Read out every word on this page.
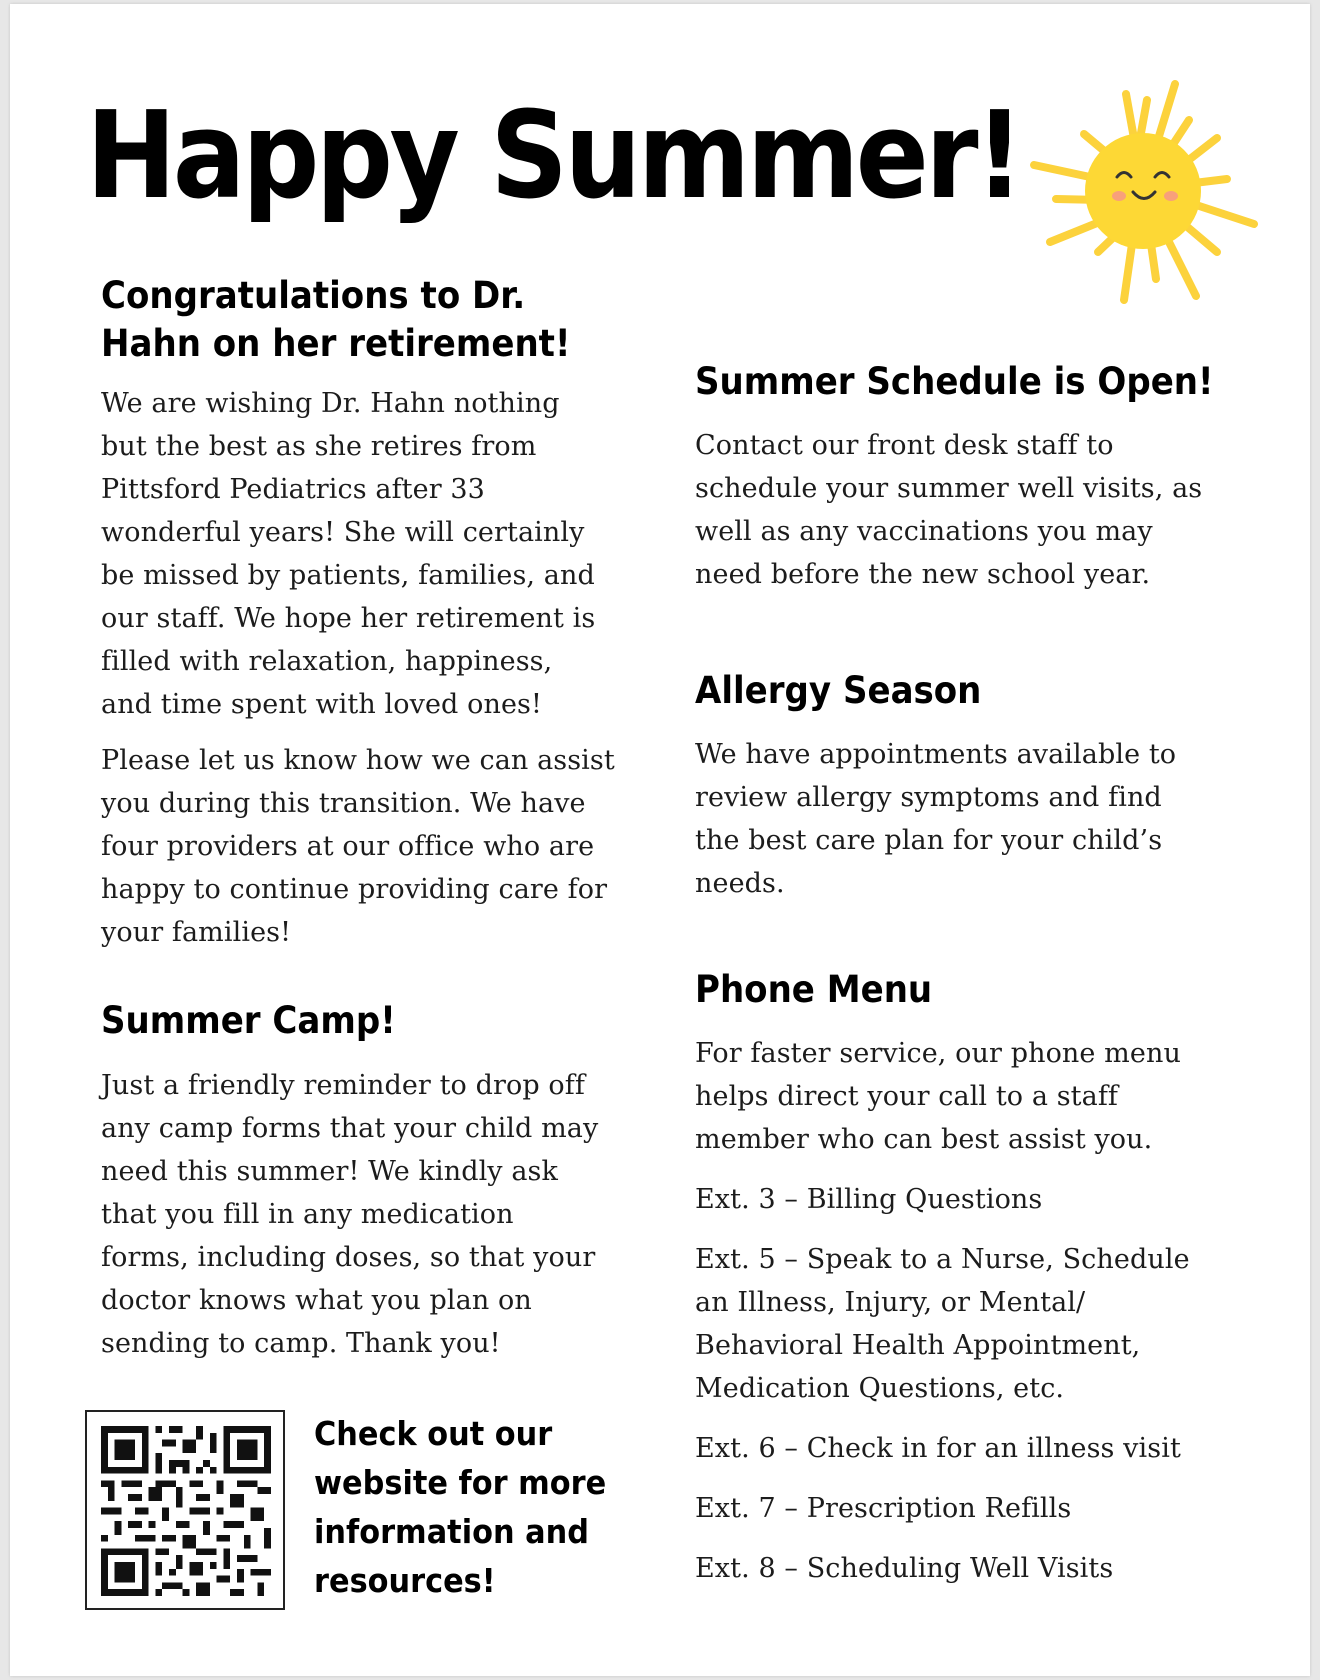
Happy Summer!
Congratulations to Dr.
Hahn on her retirement!

We are wishing Dr. Hahn nothing
but the best as she retires from
Pittsford Pediatrics after 33
wonderful years! She will certainly
be missed by patients, families, and
our staff. We hope her retirement is
filled with relaxation, happiness,
and time spent with loved ones!

Please let us know how we can assist
you during this transition. We have
four providers at our office who are
happy to continue providing care for
your families!

Summer Camp!

Just a friendly reminder to drop off
any camp forms that your child may
need this summer! We kindly ask
that you fill in any medication
forms, including doses, so that your
doctor knows what you plan on
sending to camp. Thank you!

Check out our
website for more
information and
resources!

Summer Schedule is Open!

Contact our front desk staff to
schedule your summer well visits, as
well as any vaccinations you may
need before the new school year.

Allergy Season

We have appointments available to
review allergy symptoms and find
the best care plan for your child’s
needs.

Phone Menu

For faster service, our phone menu
helps direct your call to a staff
member who can best assist you.

Ext. 3 – Billing Questions

Ext. 5 – Speak to a Nurse, Schedule
an Illness, Injury, or Mental/
Behavioral Health Appointment,
Medication Questions, etc.

Ext. 6 – Check in for an illness visit

Ext. 7 – Prescription Refills

Ext. 8 – Scheduling Well Visits
